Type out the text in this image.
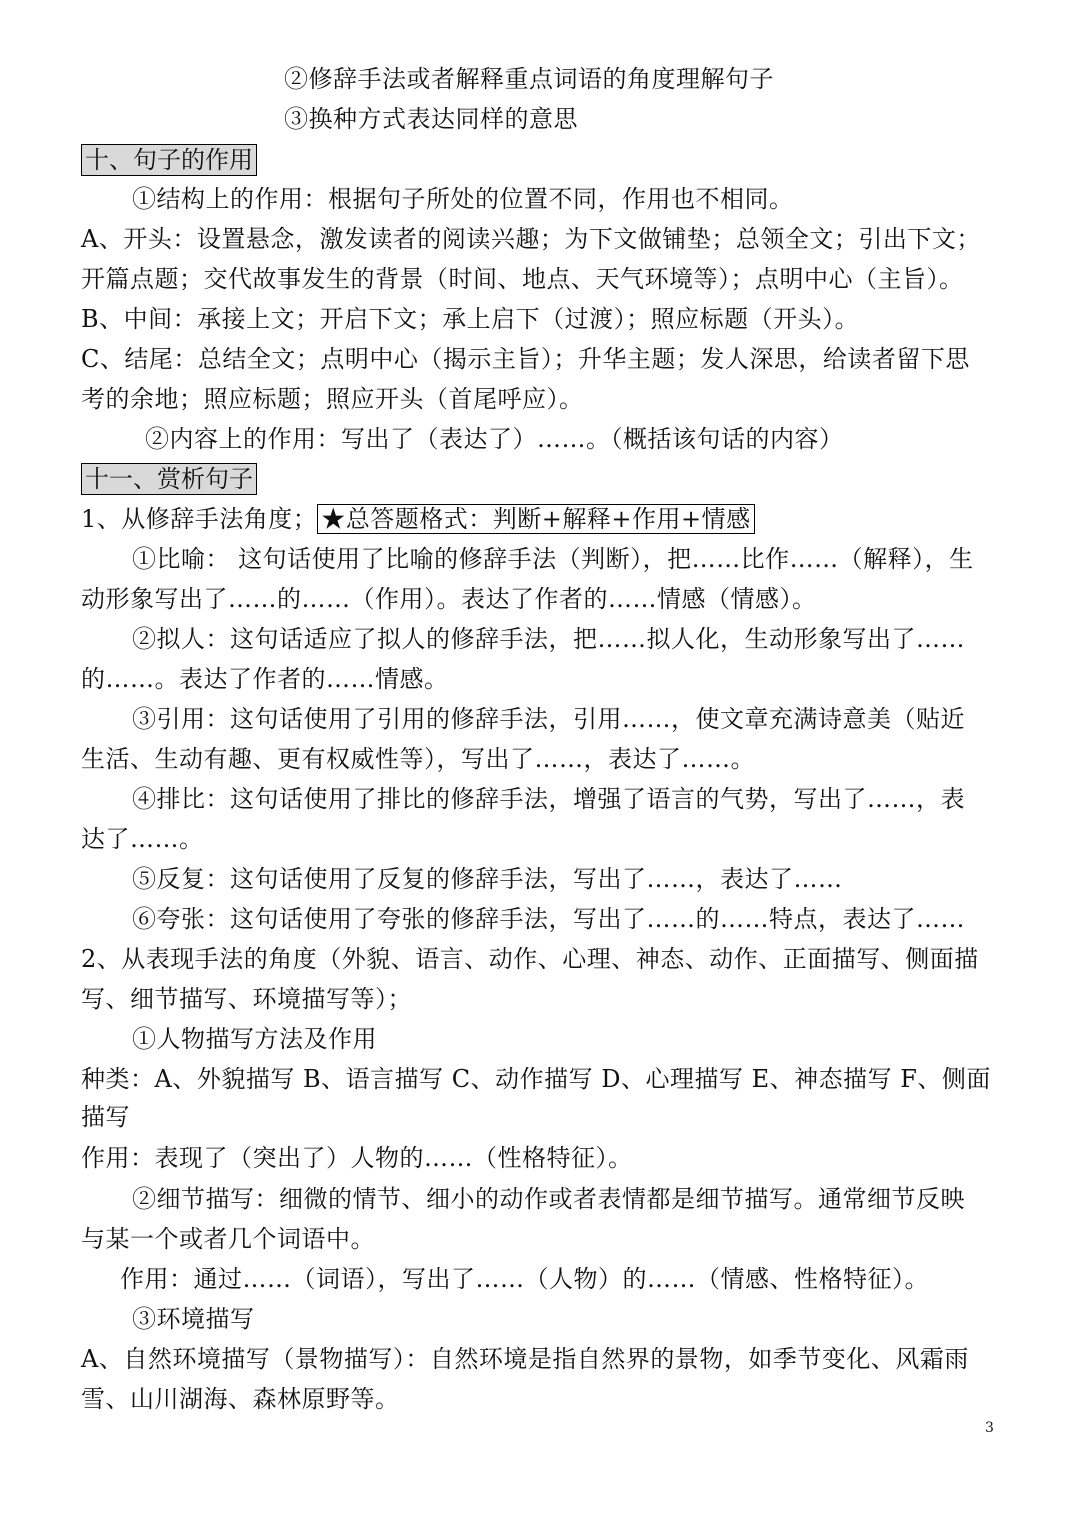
②修辞手法或者解释重点词语的角度理解句子
③换种方式表达同样的意思
十、句子的作用
①结构上的作用：根据句子所处的位置不同，作用也不相同。
A、开头：设置悬念，激发读者的阅读兴趣；为下文做铺垫；总领全文；引出下文；
开篇点题；交代故事发生的背景（时间、地点、天气环境等）；点明中心（主旨）。
B、中间：承接上文；开启下文；承上启下（过渡）；照应标题（开头）。
C、结尾：总结全文；点明中心（揭示主旨）；升华主题；发人深思，给读者留下思
考的余地；照应标题；照应开头（首尾呼应）。
②内容上的作用：写出了（表达了）……。（概括该句话的内容）
十一、赏析句子
1、从修辞手法角度； ★总答题格式：判断+解释+作用+情感
①比喻： 这句话使用了比喻的修辞手法（判断），把……比作……（解释），生
动形象写出了……的……（作用）。表达了作者的……情感（情感）。
②拟人：这句话适应了拟人的修辞手法，把……拟人化，生动形象写出了……
的……。表达了作者的……情感。
③引用：这句话使用了引用的修辞手法，引用……，使文章充满诗意美（贴近
生活、生动有趣、更有权威性等），写出了……，表达了……。
④排比：这句话使用了排比的修辞手法，增强了语言的气势，写出了……，表
达了……。
⑤反复：这句话使用了反复的修辞手法，写出了……，表达了……
⑥夸张：这句话使用了夸张的修辞手法，写出了……的……特点，表达了……
2、从表现手法的角度（外貌、语言、动作、心理、神态、动作、正面描写、侧面描
写、细节描写、环境描写等）；
①人物描写方法及作用
种类：A、外貌描写 B、语言描写 C、动作描写 D、心理描写 E、神态描写 F、侧面
描写
作用：表现了（突出了）人物的……（性格特征）。
②细节描写：细微的情节、细小的动作或者表情都是细节描写。通常细节反映
与某一个或者几个词语中。
作用：通过……（词语），写出了……（人物）的……（情感、性格特征）。
③环境描写
A、自然环境描写（景物描写）：自然环境是指自然界的景物，如季节变化、风霜雨
雪、山川湖海、森林原野等。
3
